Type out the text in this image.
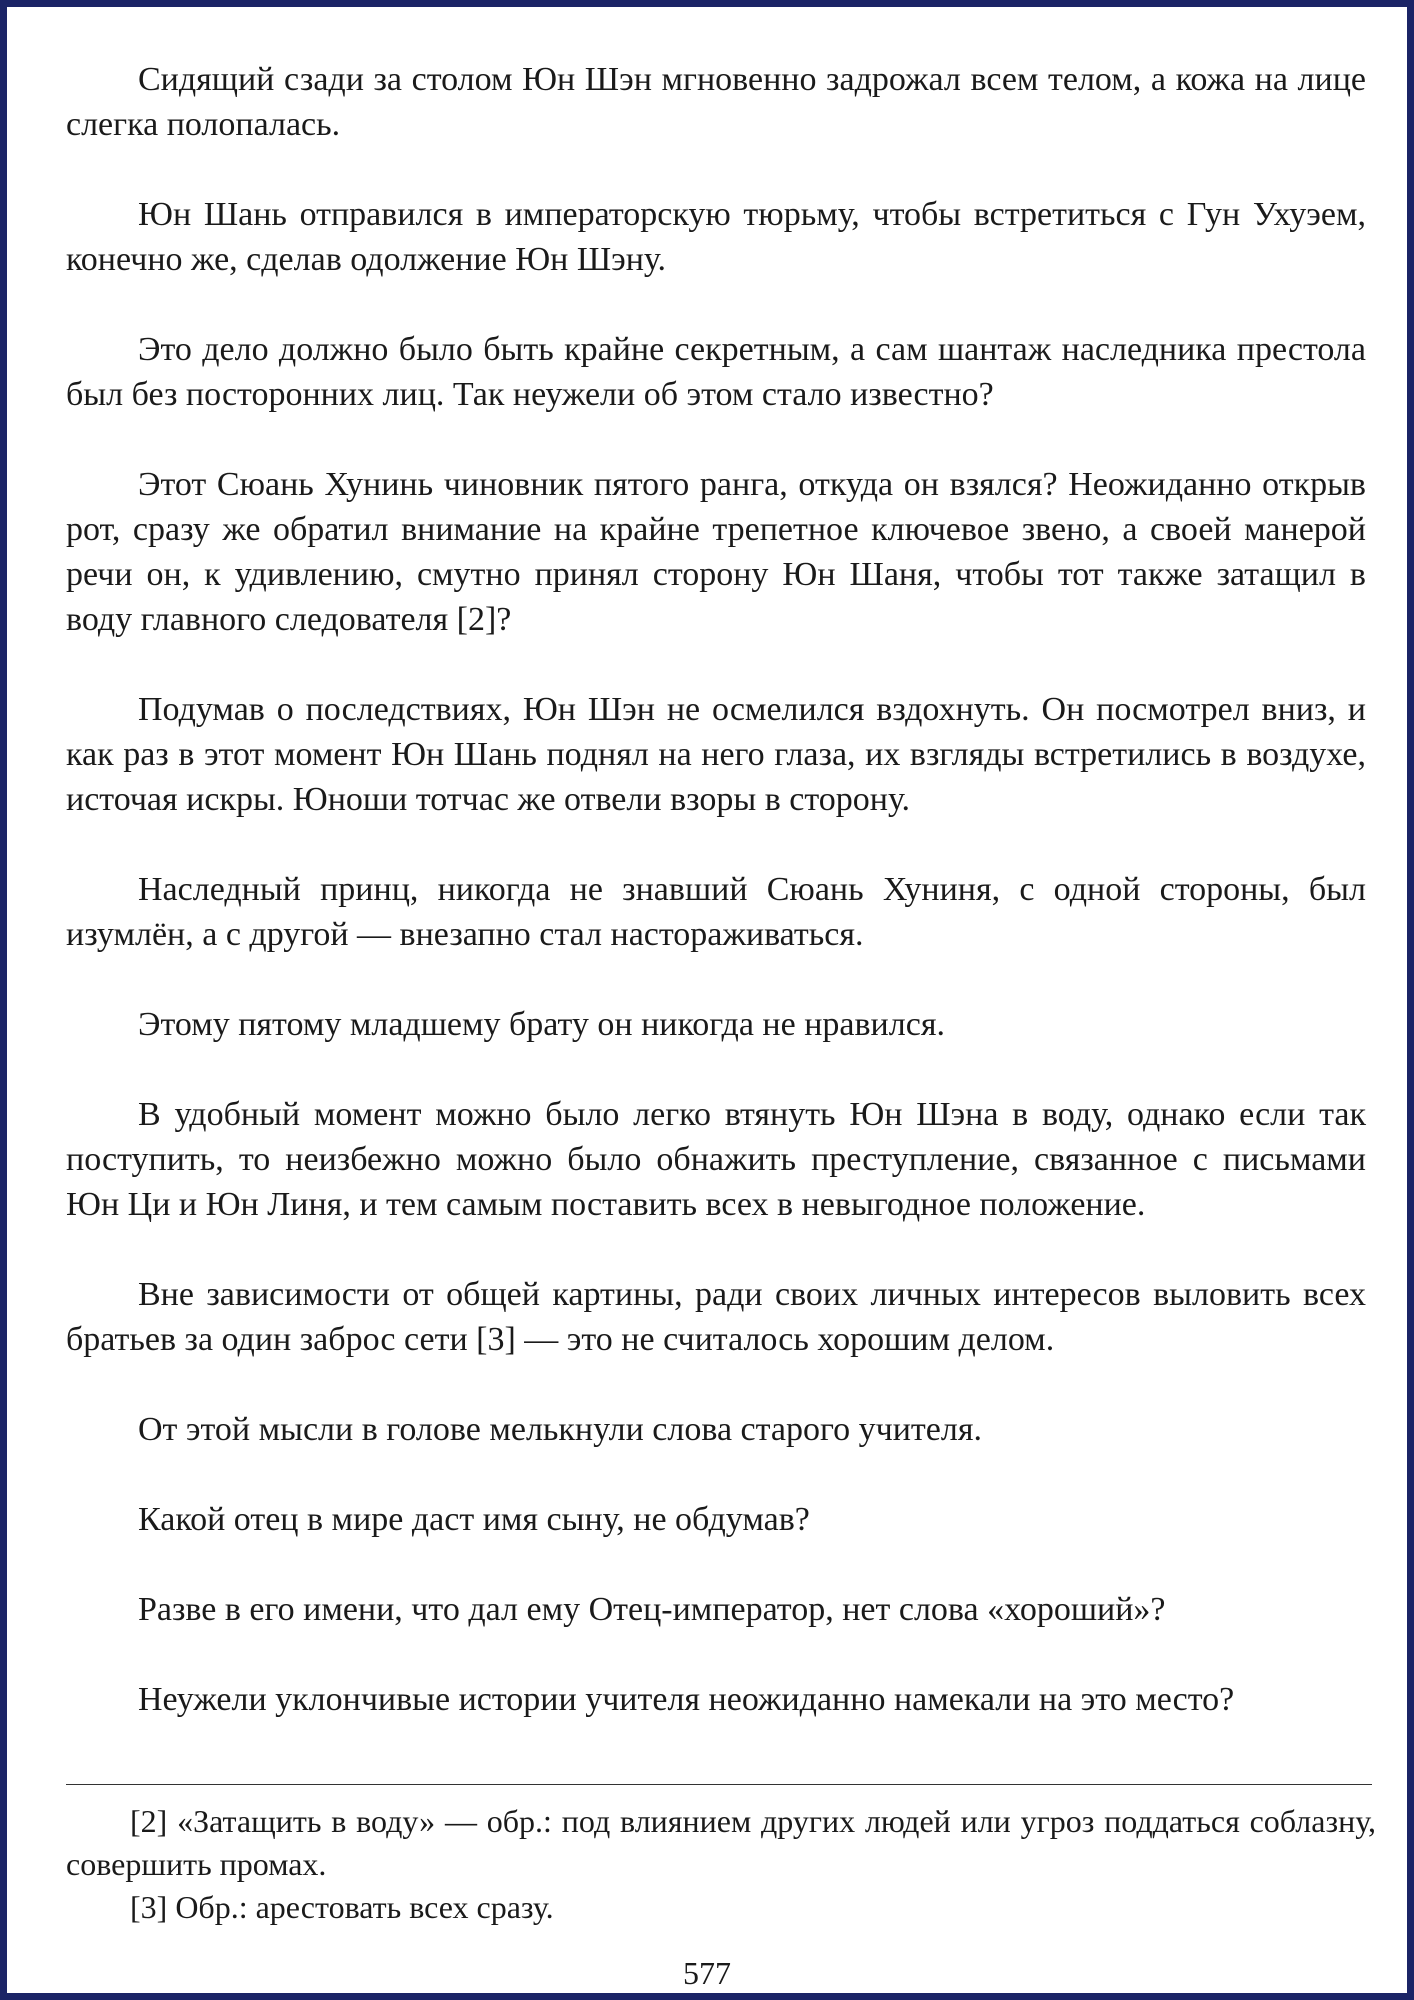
Сидящий сзади за столом Юн Шэн мгновенно задрожал всем телом, а кожа на лице слегка полопалась.

Юн Шань отправился в императорскую тюрьму, чтобы встретиться с Гун Ухуэем, конечно же, сделав одолжение Юн Шэну.

Это дело должно было быть крайне секретным, а сам шантаж наследника престола был без посторонних лиц. Так неужели об этом стало известно?

Этот Сюань Хунинь чиновник пятого ранга, откуда он взялся? Неожиданно открыв рот, сразу же обратил внимание на крайне трепетное ключевое звено, а своей манерой речи он, к удивлению, смутно принял сторону Юн Шаня, чтобы тот также затащил в воду главного следователя [2]?

Подумав о последствиях, Юн Шэн не осмелился вздохнуть. Он посмотрел вниз, и как раз в этот момент Юн Шань поднял на него глаза, их взгляды встретились в воздухе, источая искры. Юноши тотчас же отвели взоры в сторону.

Наследный принц, никогда не знавший Сюань Хуниня, с одной стороны, был изумлён, а с другой — внезапно стал настораживаться.

Этому пятому младшему брату он никогда не нравился.

В удобный момент можно было легко втянуть Юн Шэна в воду, однако если так поступить, то неизбежно можно было обнажить преступление, связанное с письмами Юн Ци и Юн Линя, и тем самым поставить всех в невыгодное положение.

Вне зависимости от общей картины, ради своих личных интересов выловить всех братьев за один заброс сети [3] — это не считалось хорошим делом.

От этой мысли в голове мелькнули слова старого учителя.

Какой отец в мире даст имя сыну, не обдумав?

Разве в его имени, что дал ему Отец-император, нет слова «хороший»?

Неужели уклончивые истории учителя неожиданно намекали на это место?

[2] «Затащить в воду» — обр.: под влиянием других людей или угроз поддаться соблазну, совершить промах.

[3] Обр.: арестовать всех сразу.

577
